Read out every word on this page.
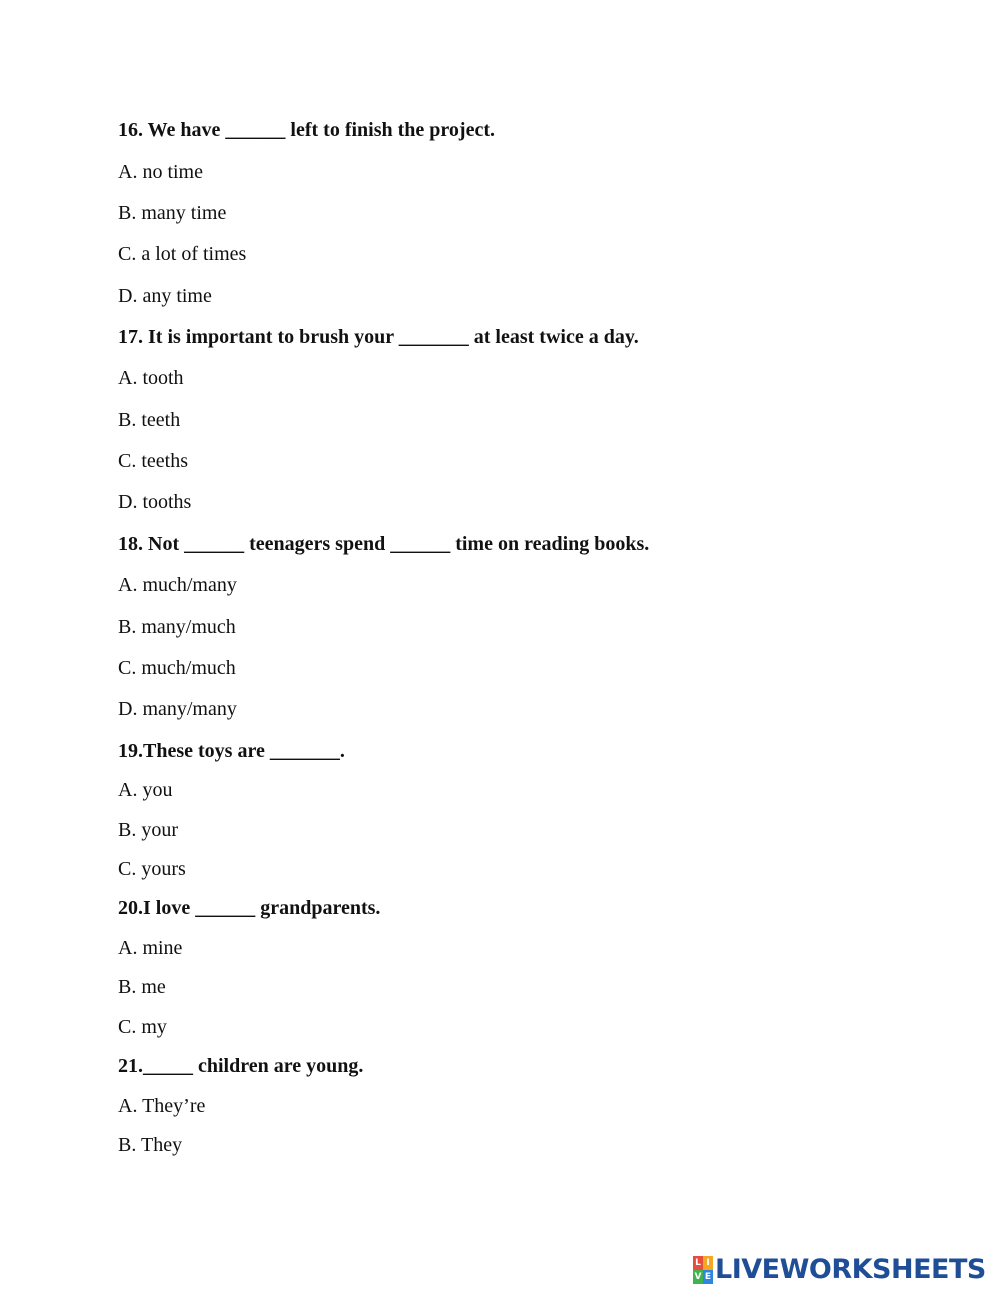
16. We have ______ left to finish the project.
A. no time
B. many time
C. a lot of times
D. any time
17. It is important to brush your _______ at least twice a day.
A. tooth
B. teeth
C. teeths
D. tooths
18. Not ______ teenagers spend ______ time on reading books.
A. much/many
B. many/much
C. much/much
D. many/many
19.These toys are _______.
A. you
B. your
C. yours
20.I love ______ grandparents.
A. mine
B. me
C. my
21._____ children are young.
A. They’re
B. They
L I
V E LIVEWORKSHEETS
